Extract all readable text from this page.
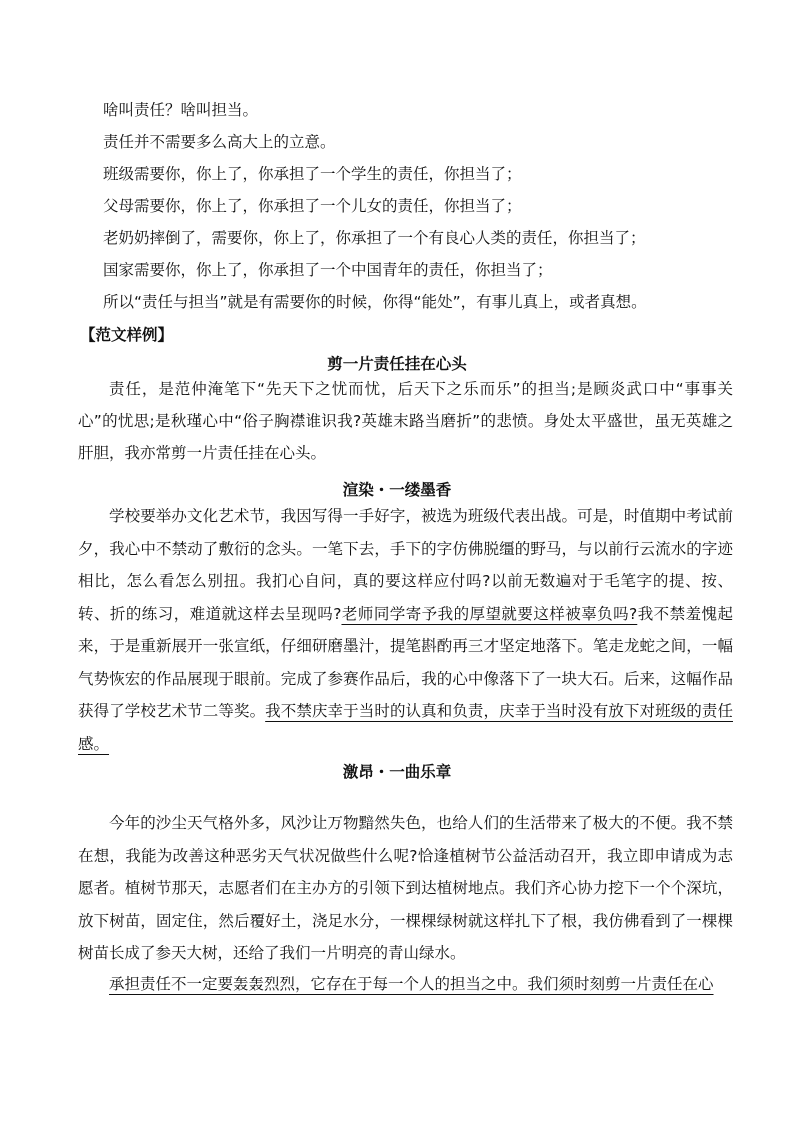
啥叫责任？啥叫担当。
责任并不需要多么高大上的立意。
班级需要你，你上了，你承担了一个学生的责任，你担当了；
父母需要你，你上了，你承担了一个儿女的责任，你担当了；
老奶奶摔倒了，需要你，你上了，你承担了一个有良心人类的责任，你担当了；
国家需要你，你上了，你承担了一个中国青年的责任，你担当了；
所以“责任与担当”就是有需要你的时候，你得“能处”，有事儿真上，或者真想。
【范文样例】
剪一片责任挂在心头
责任，是范仲淹笔下“先天下之忧而忧，后天下之乐而乐”的担当;是顾炎武口中“事事关心”的忧思;是秋瑾心中“俗子胸襟谁识我?英雄末路当磨折”的悲愤。身处太平盛世，虽无英雄之肝胆，我亦常剪一片责任挂在心头。
渲染・一缕墨香
学校要举办文化艺术节，我因写得一手好字，被选为班级代表出战。可是，时值期中考试前夕，我心中不禁动了敷衍的念头。一笔下去，手下的字仿佛脱缰的野马，与以前行云流水的字迹相比，怎么看怎么别扭。我扪心自问，真的要这样应付吗?以前无数遍对于毛笔字的提、按、转、折的练习，难道就这样去呈现吗?老师同学寄予我的厚望就要这样被辜负吗?我不禁羞愧起来，于是重新展开一张宣纸，仔细研磨墨汁，提笔斟酌再三才坚定地落下。笔走龙蛇之间，一幅气势恢宏的作品展现于眼前。完成了参赛作品后，我的心中像落下了一块大石。后来，这幅作品获得了学校艺术节二等奖。我不禁庆幸于当时的认真和负责，庆幸于当时没有放下对班级的责任感。
激昂・一曲乐章
今年的沙尘天气格外多，风沙让万物黯然失色，也给人们的生活带来了极大的不便。我不禁在想，我能为改善这种恶劣天气状况做些什么呢?恰逢植树节公益活动召开，我立即申请成为志愿者。植树节那天，志愿者们在主办方的引领下到达植树地点。我们齐心协力挖下一个个深坑，放下树苗，固定住，然后覆好土，浇足水分，一棵棵绿树就这样扎下了根，我仿佛看到了一棵棵树苗长成了参天大树，还给了我们一片明亮的青山绿水。
承担责任不一定要轰轰烈烈，它存在于每一个人的担当之中。我们须时刻剪一片责任在心
